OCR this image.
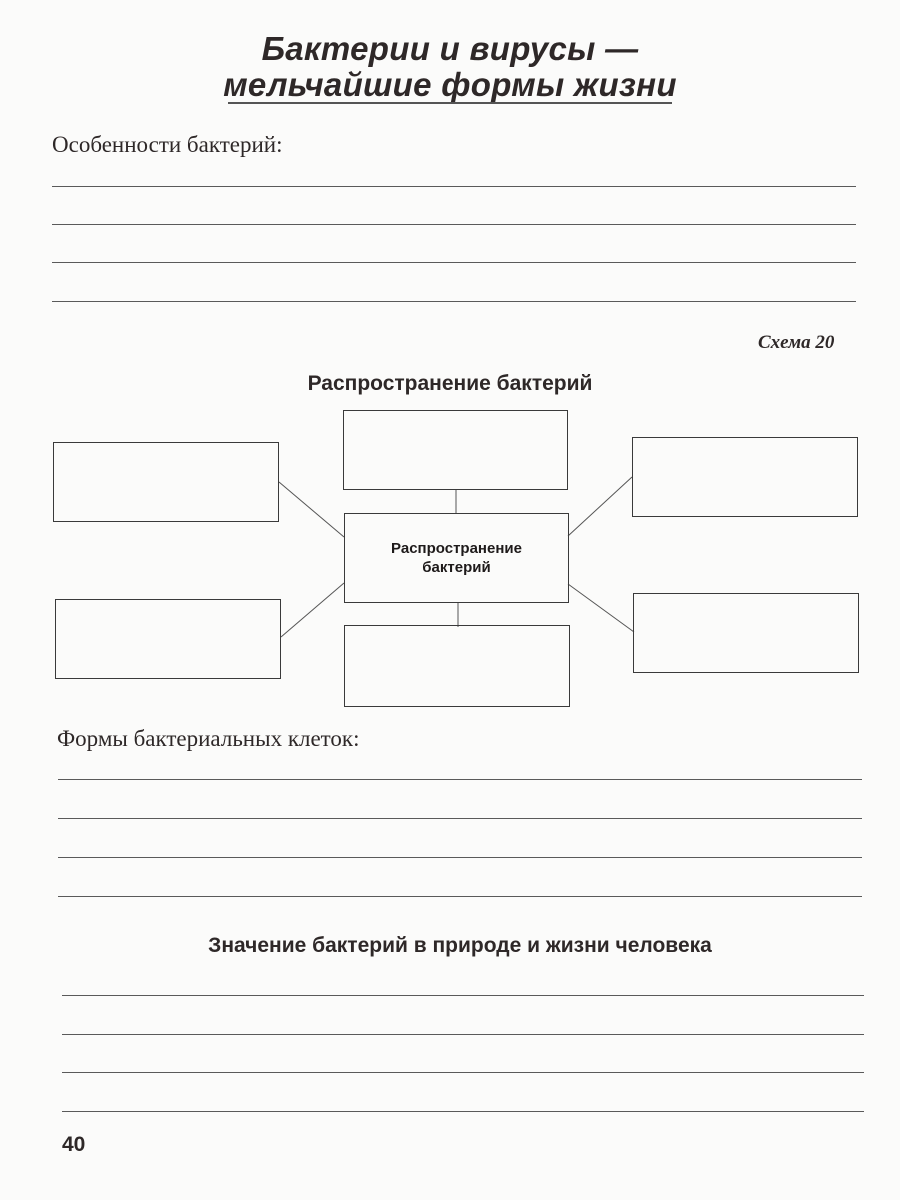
Бактерии и вирусы —
мельчайшие формы жизни
Особенности бактерий:
Схема 20
Распространение бактерий
Распространение
бактерий
Формы бактериальных клеток:
Значение бактерий в природе и жизни человека
40
